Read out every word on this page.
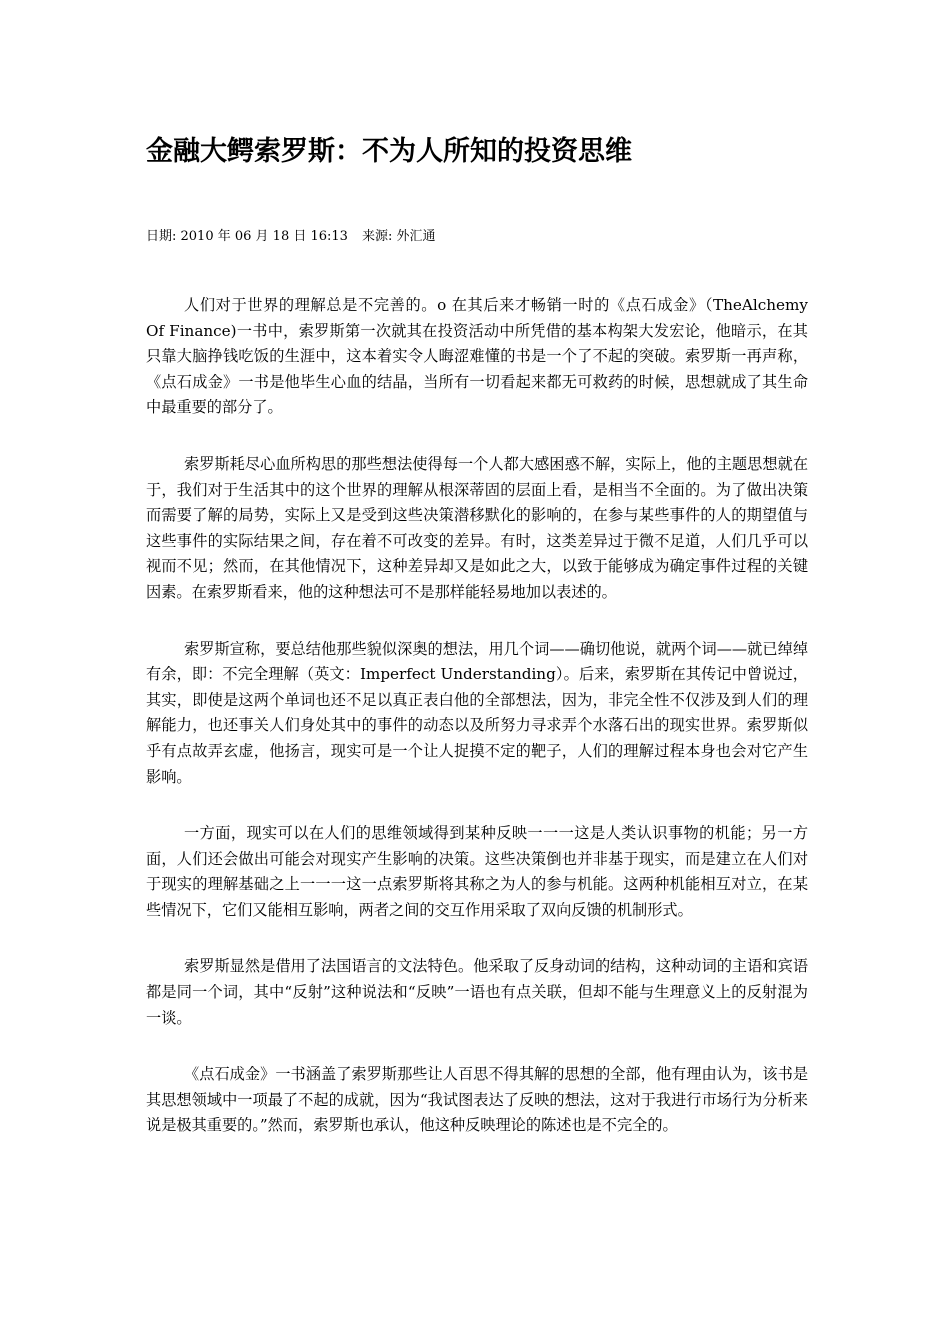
金融大鳄索罗斯：不为人所知的投资思维
日期: 2010 年 06 月 18 日 16:13 来源: 外汇通

人们对于世界的理解总是不完善的。o 在其后来才畅销一时的《点石成金》（TheAlchemy Of Finance)一书中，索罗斯第一次就其在投资活动中所凭借的基本构架大发宏论，他暗示，在其只靠大脑挣钱吃饭的生涯中，这本着实令人晦涩难懂的书是一个了不起的突破。索罗斯一再声称，《点石成金》一书是他毕生心血的结晶，当所有一切看起来都无可救药的时候，思想就成了其生命中最重要的部分了。

索罗斯耗尽心血所构思的那些想法使得每一个人都大感困惑不解，实际上，他的主题思想就在于，我们对于生活其中的这个世界的理解从根深蒂固的层面上看，是相当不全面的。为了做出决策而需要了解的局势，实际上又是受到这些决策潜移默化的影响的，在参与某些事件的人的期望值与这些事件的实际结果之间，存在着不可改变的差异。有时，这类差异过于微不足道，人们几乎可以视而不见；然而，在其他情况下，这种差异却又是如此之大，以致于能够成为确定事件过程的关键因素。在索罗斯看来，他的这种想法可不是那样能轻易地加以表述的。

索罗斯宣称，要总结他那些貌似深奥的想法，用几个词——确切他说，就两个词——就已绰绰有余，即：不完全理解（英文：Imperfect Understanding）。后来，索罗斯在其传记中曾说过，其实，即使是这两个单词也还不足以真正表白他的全部想法，因为，非完全性不仅涉及到人们的理解能力，也还事关人们身处其中的事件的动态以及所努力寻求弄个水落石出的现实世界。索罗斯似乎有点故弄玄虚，他扬言，现实可是一个让人捉摸不定的靶子，人们的理解过程本身也会对它产生影响。

一方面，现实可以在人们的思维领域得到某种反映一一一这是人类认识事物的机能；另一方面，人们还会做出可能会对现实产生影响的决策。这些决策倒也并非基于现实，而是建立在人们对于现实的理解基础之上一一一这一点索罗斯将其称之为人的参与机能。这两种机能相互对立，在某些情况下，它们又能相互影响，两者之间的交互作用采取了双向反馈的机制形式。

索罗斯显然是借用了法国语言的文法特色。他采取了反身动词的结构，这种动词的主语和宾语都是同一个词，其中“反射”这种说法和“反映”一语也有点关联，但却不能与生理意义上的反射混为一谈。

《点石成金》一书涵盖了索罗斯那些让人百思不得其解的思想的全部，他有理由认为，该书是其思想领域中一项最了不起的成就，因为“我试图表达了反映的想法，这对于我进行市场行为分析来说是极其重要的。”然而，索罗斯也承认，他这种反映理论的陈述也是不完全的。
